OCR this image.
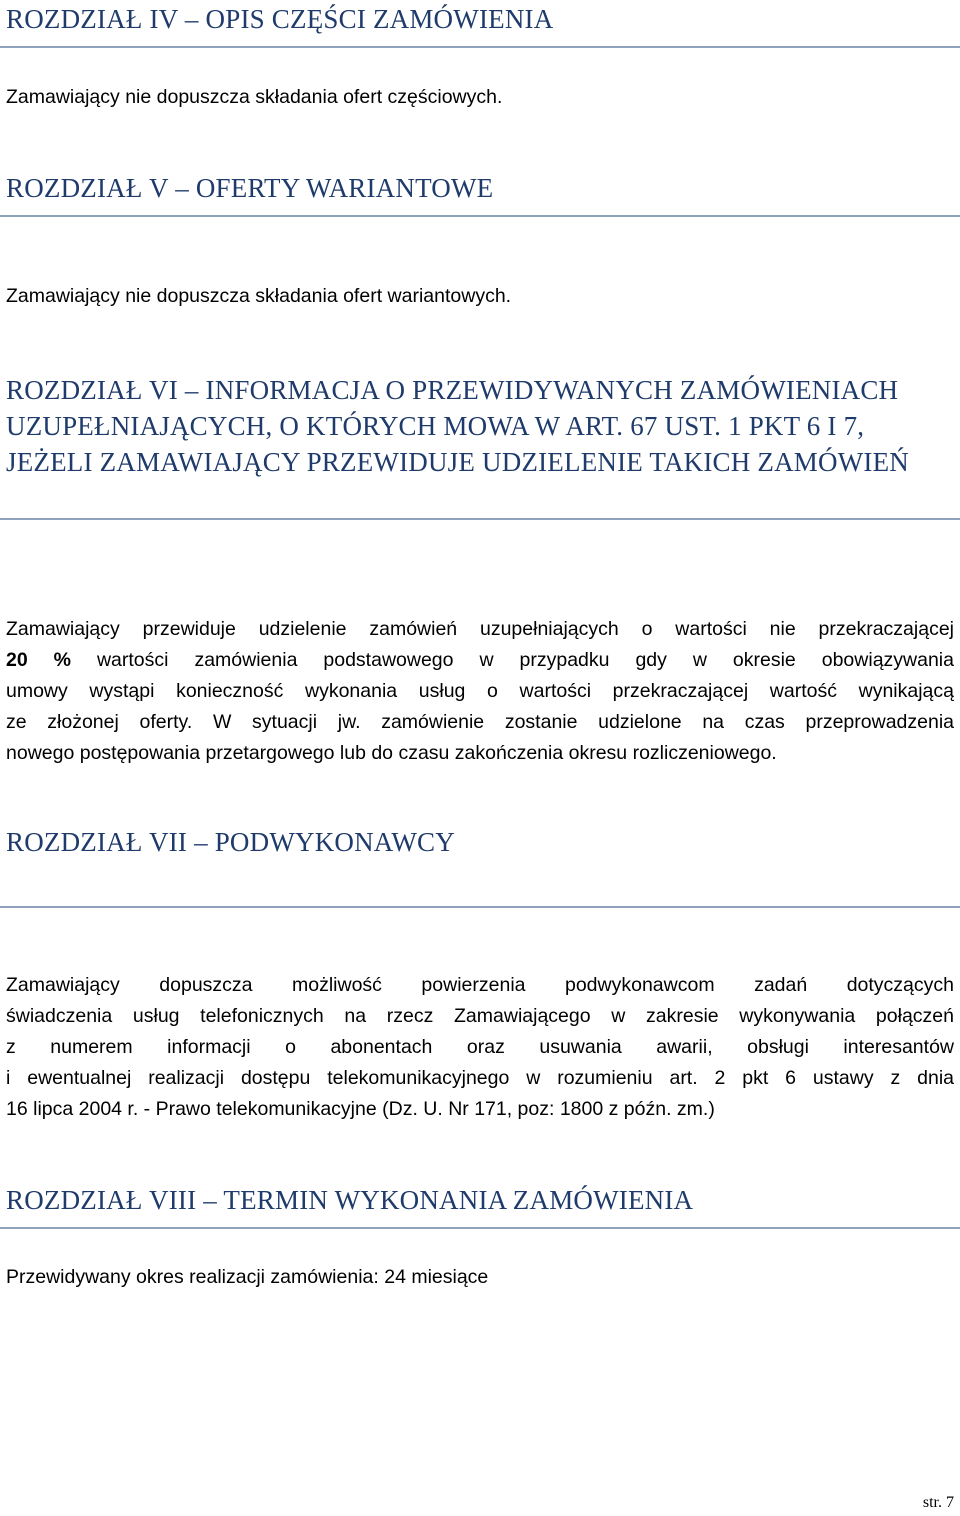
ROZDZIAŁ IV – OPIS CZĘŚCI ZAMÓWIENIA

Zamawiający nie dopuszcza składania ofert częściowych.

ROZDZIAŁ V – OFERTY WARIANTOWE

Zamawiający nie dopuszcza składania ofert wariantowych.

ROZDZIAŁ VI – INFORMACJA O PRZEWIDYWANYCH ZAMÓWIENIACH
UZUPEŁNIAJĄCYCH, O KTÓRYCH MOWA W ART. 67 UST. 1 PKT 6 I 7,
JEŻELI ZAMAWIAJĄCY PRZEWIDUJE UDZIELENIE TAKICH ZAMÓWIEŃ
Zamawiający przewiduje udzielenie zamówień uzupełniających o wartości nie przekraczającej
20 % wartości zamówienia podstawowego w przypadku gdy w okresie obowiązywania
umowy wystąpi konieczność wykonania usług o wartości przekraczającej wartość wynikającą
ze złożonej oferty. W sytuacji jw. zamówienie zostanie udzielone na czas przeprowadzenia
nowego postępowania przetargowego lub do czasu zakończenia okresu rozliczeniowego.
ROZDZIAŁ VII – PODWYKONAWCY
Zamawiający dopuszcza możliwość powierzenia podwykonawcom zadań dotyczących
świadczenia usług telefonicznych na rzecz Zamawiającego w zakresie wykonywania połączeń
z numerem informacji o abonentach oraz usuwania awarii, obsługi interesantów
i ewentualnej realizacji dostępu telekomunikacyjnego w rozumieniu art. 2 pkt 6 ustawy z dnia
16 lipca 2004 r. - Prawo telekomunikacyjne (Dz. U. Nr 171, poz: 1800 z późn. zm.)
ROZDZIAŁ VIII – TERMIN WYKONANIA ZAMÓWIENIA

Przewidywany okres realizacji zamówienia: 24 miesiące

str. 7
